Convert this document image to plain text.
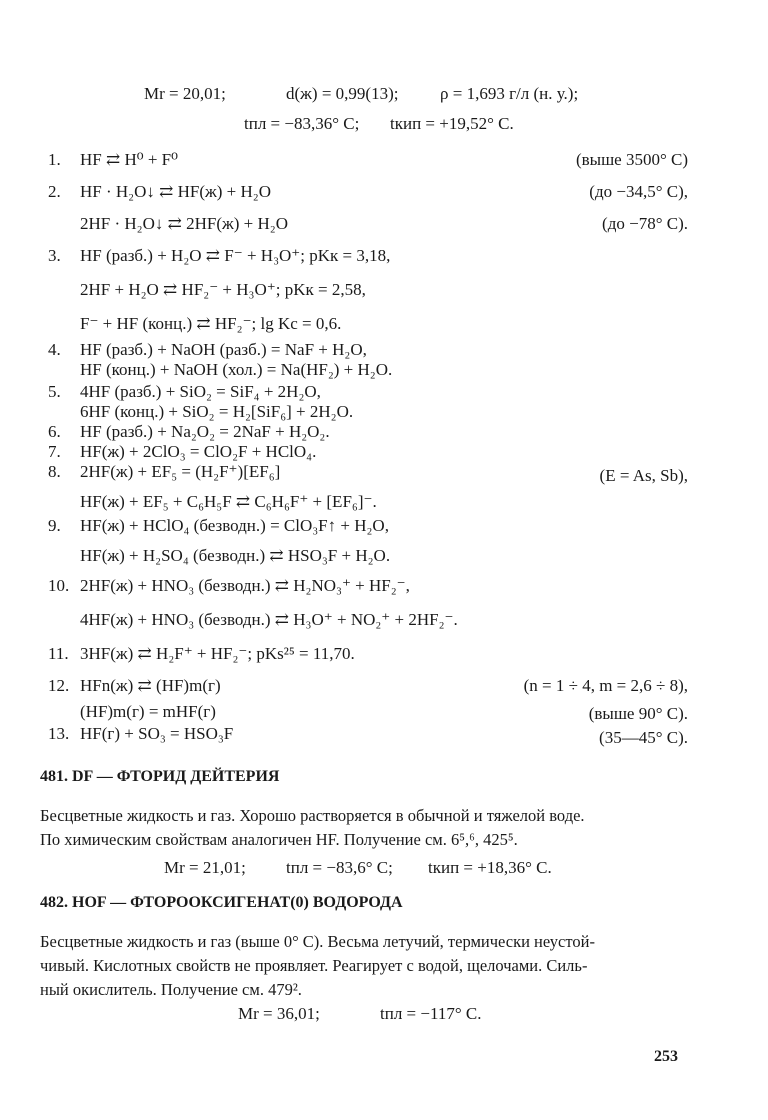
Mr = 20,01;	d(ж) = 0,99(13); ρ = 1,693 г/л (н. у.);
tпл = −83,36° С; tкип = +19,52° С.
1. HF ⇄ H⁰ + F⁰	(выше 3500° С)
2. HF · H₂O↓ ⇄ HF(ж) + H₂O	(до −34,5° С),
2HF · H₂O↓ ⇄ 2HF(ж) + H₂O	(до −78° С).
3. HF (разб.) + H₂O ⇄ F⁻ + H₃O⁺; pKк = 3,18,
2HF + H₂O ⇄ HF₂⁻ + H₃O⁺; pKк = 2,58,
F⁻ + HF (конц.) ⇄ HF₂⁻; lg Kc = 0,6.
4. HF (разб.) + NaOH (разб.) = NaF + H₂O,
HF (конц.) + NaOH (хол.) = Na(HF₂) + H₂O.
5. 4HF (разб.) + SiO₂ = SiF₄ + 2H₂O,
6HF (конц.) + SiO₂ = H₂[SiF₆] + 2H₂O.
6. HF (разб.) + Na₂O₂ = 2NaF + H₂O₂.
7. HF(ж) + 2ClO₃ = ClO₂F + HClO₄.
8. 2HF(ж) + EF₅ = (H₂F⁺)[EF₆]	(E = As, Sb),
HF(ж) + EF₅ + C₆H₅F ⇄ C₆H₆F⁺ + [EF₆]⁻.
9. HF(ж) + HClO₄ (безводн.) = ClO₃F↑ + H₂O,
HF(ж) + H₂SO₄ (безводн.) ⇄ HSO₃F + H₂O.
10. 2HF(ж) + HNO₃ (безводн.) ⇄ H₂NO₃⁺ + HF₂⁻,
4HF(ж) + HNO₃ (безводн.) ⇄ H₃O⁺ + NO₂⁺ + 2HF₂⁻.
11. 3HF(ж) ⇄ H₂F⁺ + HF₂⁻; pKs²⁵ = 11,70.
12. HFn(ж) ⇄ (HF)m(г)	(n = 1 ÷ 4, m = 2,6 ÷ 8),
(HF)m(г) = mHF(г)	(выше 90° С).
13. HF(г) + SO₃ = HSO₃F	(35—45° С).
481. DF — ФТОРИД ДЕЙТЕРИЯ
Бесцветные жидкость и газ. Хорошо растворяется в обычной и тяжелой воде.
По химическим свойствам аналогичен HF. Получение см. 6⁵,⁶, 425⁵.
Mr = 21,01; tпл = −83,6° С; tкип = +18,36° С.
482. HOF — ФТОРООКСИГЕНАТ(0) ВОДОРОДА
Бесцветные жидкость и газ (выше 0° С). Весьма летучий, термически неустой-
чивый. Кислотных свойств не проявляет. Реагирует с водой, щелочами. Силь-
ный окислитель. Получение см. 479².
Mr = 36,01;	tпл = −117° С.
253
